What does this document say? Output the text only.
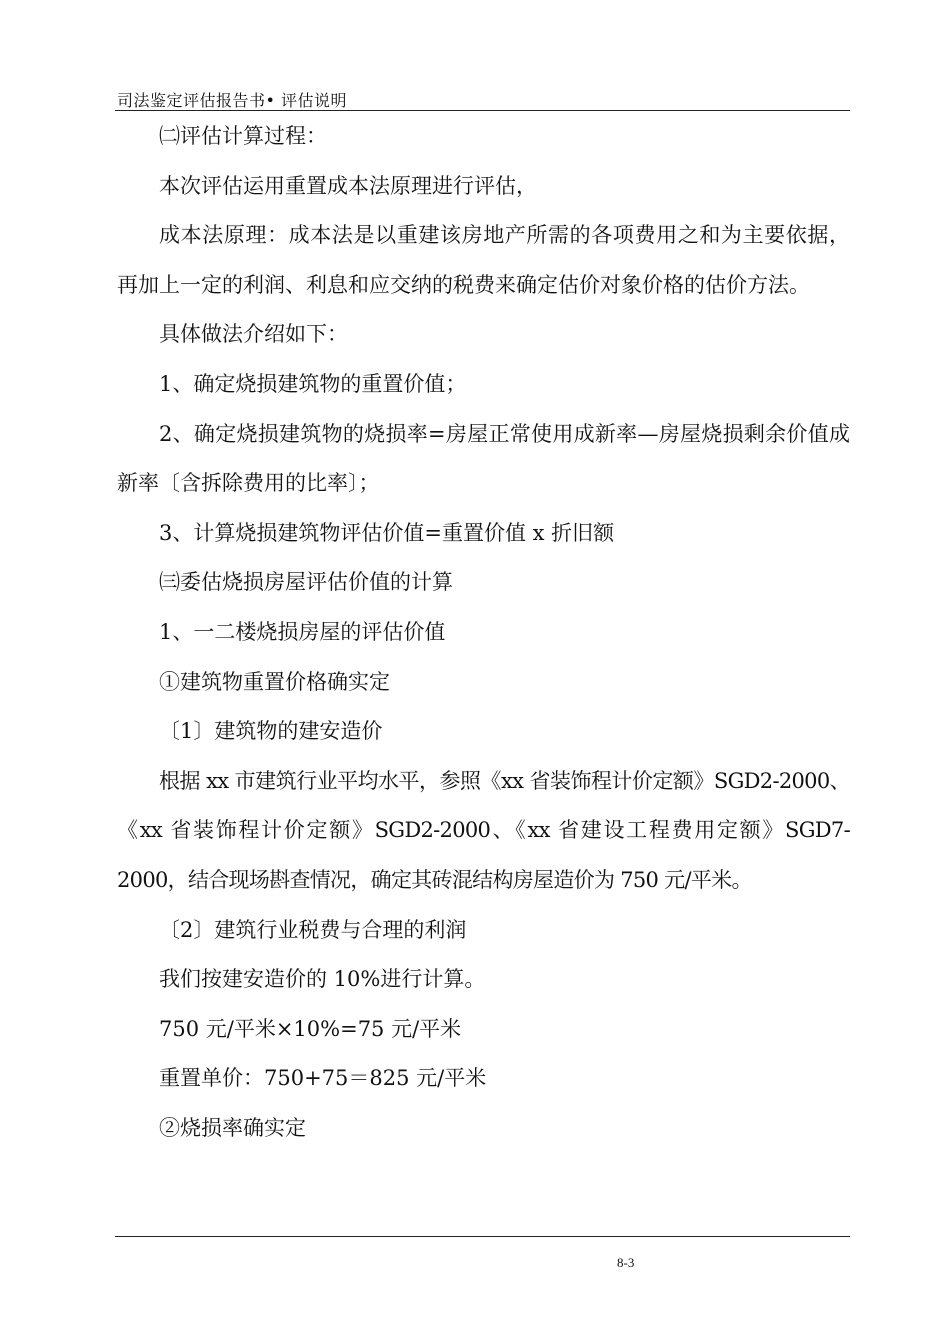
司法鉴定评估报告书• 评估说明

㈡评估计算过程：

本次评估运用重置成本法原理进行评估，

成本法原理：成本法是以重建该房地产所需的各项费用之和为主要依据，再加上一定的利润、利息和应交纳的税费来确定估价对象价格的估价方法。

具体做法介绍如下：

1、确定烧损建筑物的重置价值；

2、确定烧损建筑物的烧损率=房屋正常使用成新率—房屋烧损剩余价值成新率〔含拆除费用的比率〕；

3、计算烧损建筑物评估价值=重置价值 x 折旧额

㈢委估烧损房屋评估价值的计算

1、一二楼烧损房屋的评估价值

①建筑物重置价格确实定

〔1〕建筑物的建安造价

根据 xx 市建筑行业平均水平，参照《xx 省装饰程计价定额》SGD2-2000、《xx 省装饰程计价定额》SGD2-2000、《xx 省建设工程费用定额》SGD7-2000，结合现场斟查情况，确定其砖混结构房屋造价为 750 元/平米。

〔2〕建筑行业税费与合理的利润

我们按建安造价的 10%进行计算。

750 元/平米×10%=75 元/平米

重置单价：750+75＝825 元/平米

②烧损率确实定

8-3
